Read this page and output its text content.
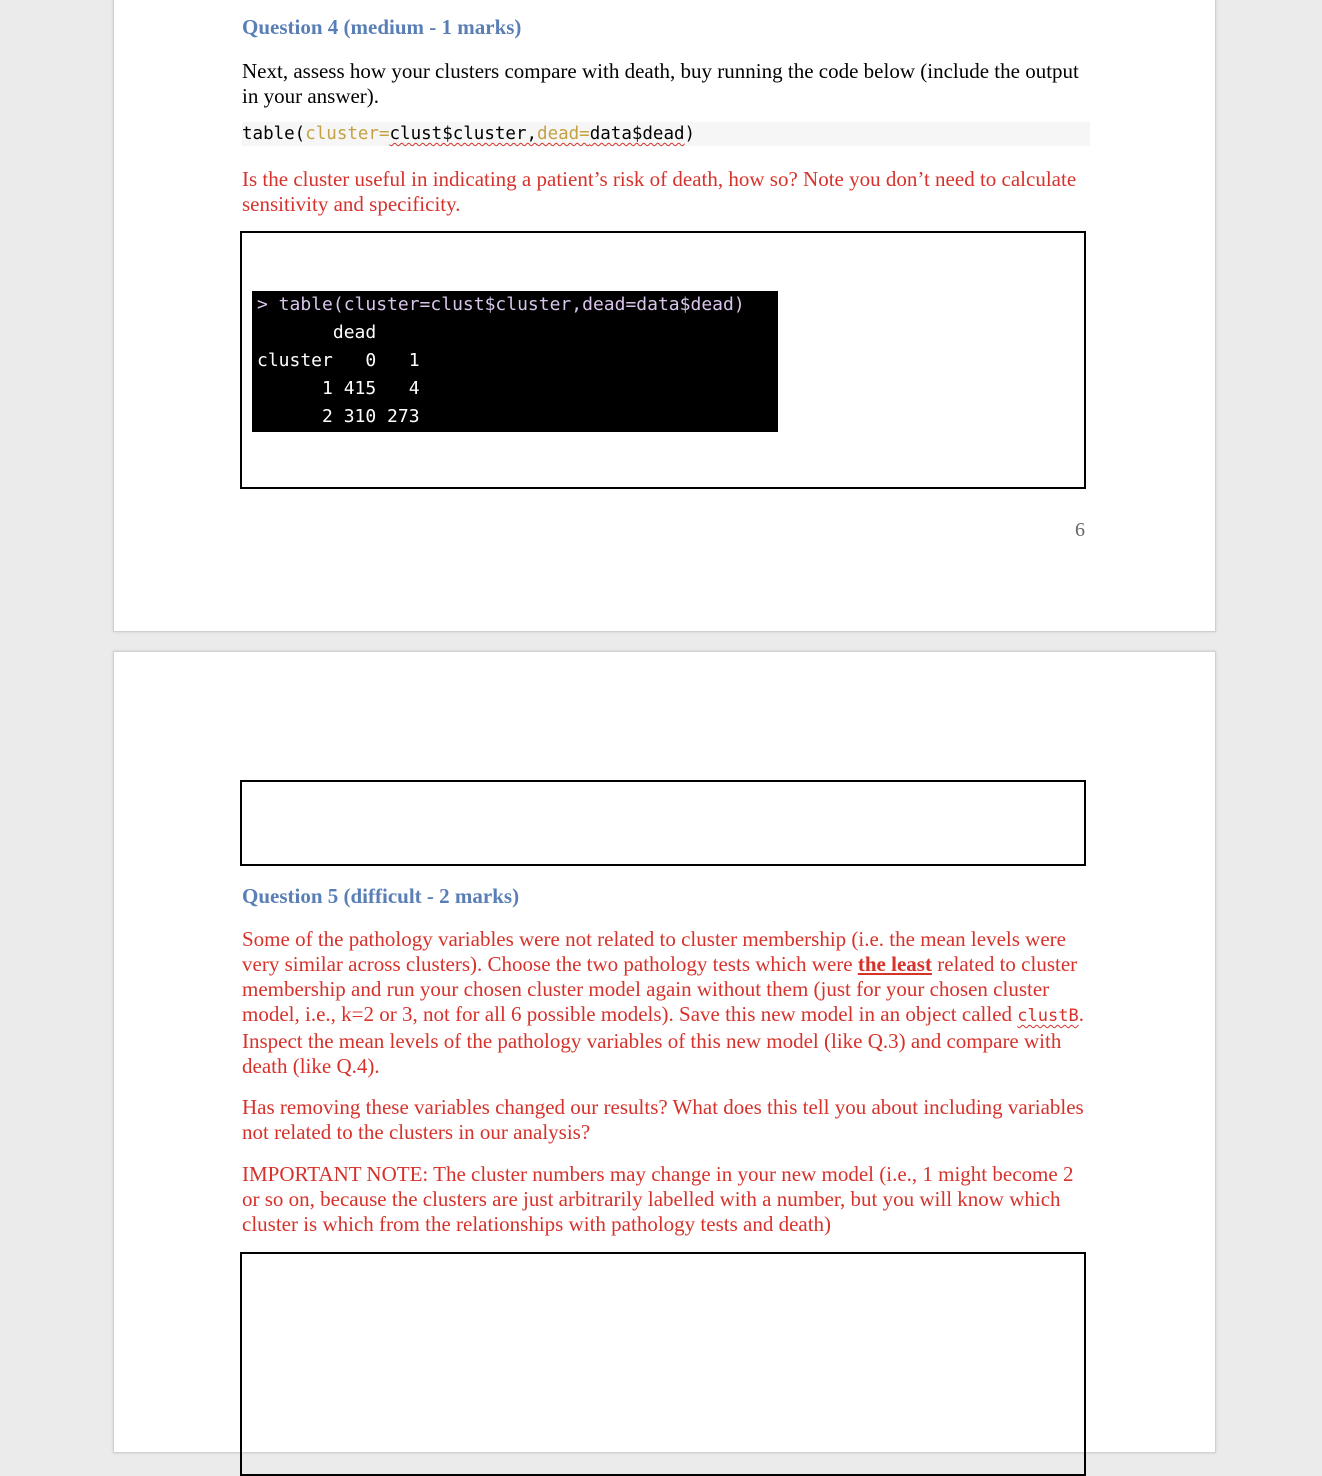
Question 4 (medium - 1 marks)
Next, assess how your clusters compare with death, buy running the code below (include the output in your answer).
table(cluster=clust$cluster,dead=data$dead)
Is the cluster useful in indicating a patient’s risk of death, how so? Note you don’t need to calculate sensitivity and specificity.
> table(cluster=clust$cluster,dead=data$dead)
dead
cluster   0   1
1 415   4
2 310 273
6
Question 5 (difficult - 2 marks)
Some of the pathology variables were not related to cluster membership (i.e. the mean levels were very similar across clusters). Choose the two pathology tests which were the least related to cluster membership and run your chosen cluster model again without them (just for your chosen cluster model, i.e., k=2 or 3, not for all 6 possible models). Save this new model in an object called clustB. Inspect the mean levels of the pathology variables of this new model (like Q.3) and compare with death (like Q.4).
Has removing these variables changed our results? What does this tell you about including variables not related to the clusters in our analysis?
IMPORTANT NOTE: The cluster numbers may change in your new model (i.e., 1 might become 2 or so on, because the clusters are just arbitrarily labelled with a number, but you will know which cluster is which from the relationships with pathology tests and death)
